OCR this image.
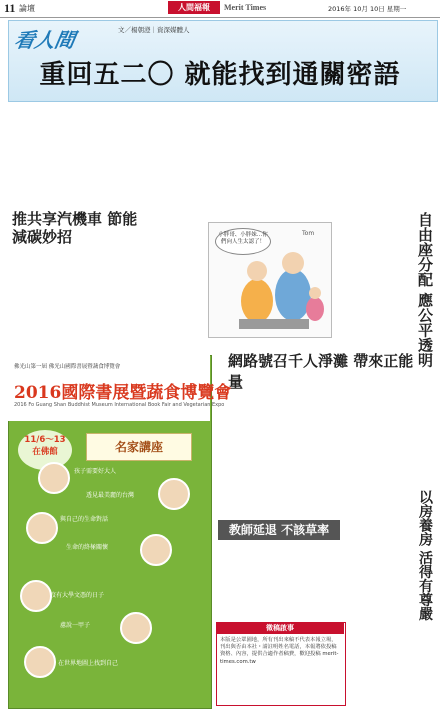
11 論壇	人間福報	Merit Times	2016年 10月 10日 星期一
看人間	文／楊朝澄｜資深媒體人
重回五二〇 就能找到通關密語
推共享汽機車 節能減碳妙招	自由座分配 應公平透明
網路號召千人淨灘 帶來正能量
教師延退 不該草率	以房養房 活得有尊嚴
小胖哥、小胖妹…你們向人生太認了！
Tom
佛光山第一屆 佛光山國際書展暨蔬食博覽會
2016國際書展暨蔬食博覽會
2016 Fo Guang Shan Buddhist Museum International Book Fair and Vegetarian Expo
11/6～13
在佛館	名家講座
孩子需要好大人
透見最美麗的台灣
與自己的生命對話
生命的終極關懷
沒有大學文憑的日子
慮說一甲子
在世界地圖上找到自己
徵稿啟事
本版是公眾園地，所有刊出來稿不代表本報立場，刊出與否由本社・請註明姓名電話，本報將依投稿資格、內容，提供合適作者稿費，歡迎投稿 merit-times.com.tw
